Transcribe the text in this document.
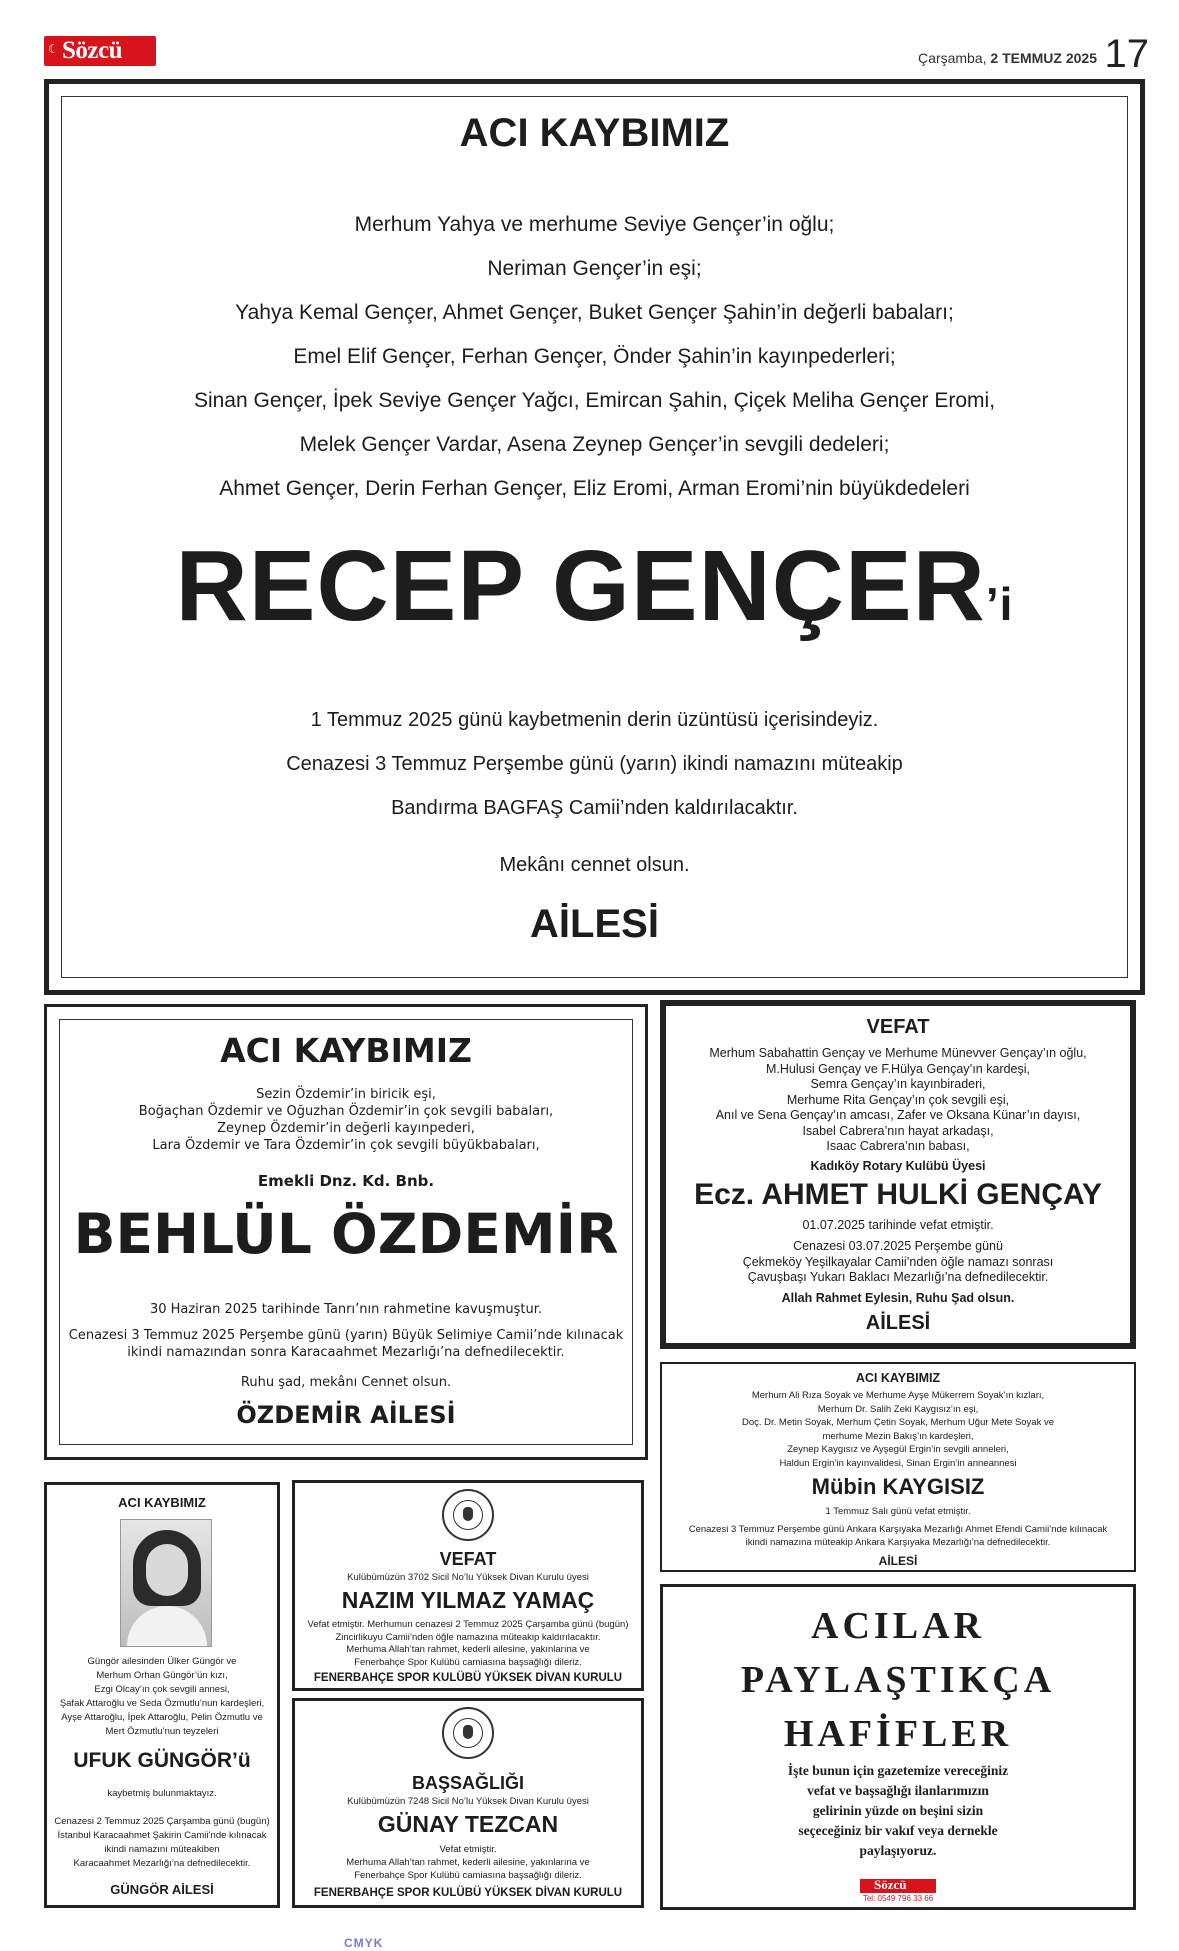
☾ Sözcü	Çarşamba, 2 TEMMUZ 2025 17
ACI KAYBIMIZ
Merhum Yahya ve merhume Seviye Gençer’in oğlu;
Neriman Gençer’in eşi;
Yahya Kemal Gençer, Ahmet Gençer, Buket Gençer Şahin’in değerli babaları;
Emel Elif Gençer, Ferhan Gençer, Önder Şahin’in kayınpederleri;
Sinan Gençer, İpek Seviye Gençer Yağcı, Emircan Şahin, Çiçek Meliha Gençer Eromi,
Melek Gençer Vardar, Asena Zeynep Gençer’in sevgili dedeleri;
Ahmet Gençer, Derin Ferhan Gençer, Eliz Eromi, Arman Eromi’nin büyükdedeleri
RECEP GENÇER’i
1 Temmuz 2025 günü kaybetmenin derin üzüntüsü içerisindeyiz.
Cenazesi 3 Temmuz Perşembe günü (yarın) ikindi namazını müteakip
Bandırma BAGFAŞ Camii’nden kaldırılacaktır.
Mekânı cennet olsun.
AİLESİ
ACI KAYBIMIZ
Sezin Özdemir’in biricik eşi,
Boğaçhan Özdemir ve Oğuzhan Özdemir’in çok sevgili babaları,
Zeynep Özdemir’in değerli kayınpederi,
Lara Özdemir ve Tara Özdemir’in çok sevgili büyükbabaları,
Emekli Dnz. Kd. Bnb.
BEHLÜL ÖZDEMİR
30 Haziran 2025 tarihinde Tanrı’nın rahmetine kavuşmuştur.
Cenazesi 3 Temmuz 2025 Perşembe günü (yarın) Büyük Selimiye Camii’nde kılınacak
ikindi namazından sonra Karacaahmet Mezarlığı’na defnedilecektir.
Ruhu şad, mekânı Cennet olsun.
ÖZDEMİR AİLESİ
VEFAT
Merhum Sabahattin Gençay ve Merhume Münevver Gençay’ın oğlu,
M.Hulusi Gençay ve F.Hülya Gençay’ın kardeşi,
Semra Gençay’ın kayınbiraderi,
Merhume Rita Gençay’ın çok sevgili eşi,
Anıl ve Sena Gençay’ın amcası, Zafer ve Oksana Künar’ın dayısı,
Isabel Cabrera’nın hayat arkadaşı,
Isaac Cabrera’nın babası,
Kadıköy Rotary Kulübü Üyesi
Ecz. AHMET HULKİ GENÇAY
01.07.2025 tarihinde vefat etmiştir.
Cenazesi 03.07.2025 Perşembe günü
Çekmeköy Yeşilkayalar Camii’nden öğle namazı sonrası
Çavuşbaşı Yukarı Baklacı Mezarlığı’na defnedilecektir.
Allah Rahmet Eylesin, Ruhu Şad olsun.
AİLESİ
ACI KAYBIMIZ
Merhum Ali Rıza Soyak ve Merhume Ayşe Mükerrem Soyak’ın kızları,
Merhum Dr. Salih Zeki Kaygısız’ın eşi,
Doç. Dr. Metin Soyak, Merhum Çetin Soyak, Merhum Uğur Mete Soyak ve
merhume Mezin Bakış’ın kardeşleri,
Zeynep Kaygısız ve Ayşegül Ergin’in sevgili anneleri,
Haldun Ergin’in kayınvalidesi, Sinan Ergin’in anneannesi
Mübin KAYGISIZ
1 Temmuz Salı günü vefat etmiştir.
Cenazesi 3 Temmuz Perşembe günü Ankara Karşıyaka Mezarlığı Ahmet Efendi Camii’nde kılınacak
ikindi namazına müteakip Ankara Karşıyaka Mezarlığı’na defnedilecektir.
AİLESİ
ACI KAYBIMIZ
Güngör ailesinden Ülker Güngör ve
Merhum Orhan Güngör’ün kızı,
Ezgi Olcay’ın çok sevgili annesi,
Şafak Attaroğlu ve Seda Özmutlu’nun kardeşleri,
Ayşe Attaroğlu, İpek Attaroğlu, Pelin Özmutlu ve
Mert Özmutlu’nun teyzeleri
UFUK GÜNGÖR’ü
kaybetmiş bulunmaktayız.
Cenazesi 2 Temmuz 2025 Çarşamba günü (bugün)
İstanbul Karacaahmet Şakirin Camii’nde kılınacak
ikindi namazını müteakiben
Karacaahmet Mezarlığı’na defnedilecektir.
GÜNGÖR AİLESİ
VEFAT
Kulübümüzün 3702 Sicil No’lu Yüksek Divan Kurulu üyesi
NAZIM YILMAZ YAMAÇ
Vefat etmiştir. Merhumun cenazesi 2 Temmuz 2025 Çarşamba günü (bugün)
Zincirlikuyu Camii’nden öğle namazına müteakip kaldırılacaktır.
Merhuma Allah’tan rahmet, kederli ailesine, yakınlarına ve
Fenerbahçe Spor Kulübü camiasına başsağlığı dileriz.
FENERBAHÇE SPOR KULÜBÜ YÜKSEK DİVAN KURULU
BAŞSAĞLIĞI
Kulübümüzün 7248 Sicil No’lu Yüksek Divan Kurulu üyesi
GÜNAY TEZCAN
Vefat etmiştir.
Merhuma Allah’tan rahmet, kederli ailesine, yakınlarına ve
Fenerbahçe Spor Kulübü camiasına başsağlığı dileriz.
FENERBAHÇE SPOR KULÜBÜ YÜKSEK DİVAN KURULU
ACILAR
PAYLAŞTIKÇA
HAFİFLER
İşte bunun için gazetemize vereceğiniz
vefat ve başsağlığı ilanlarımızın
gelirinin yüzde on beşini sizin
seçeceğiniz bir vakıf veya dernekle
paylaşıyoruz.
Sözcü
Tel: 0549 796 33 66
CMYK
